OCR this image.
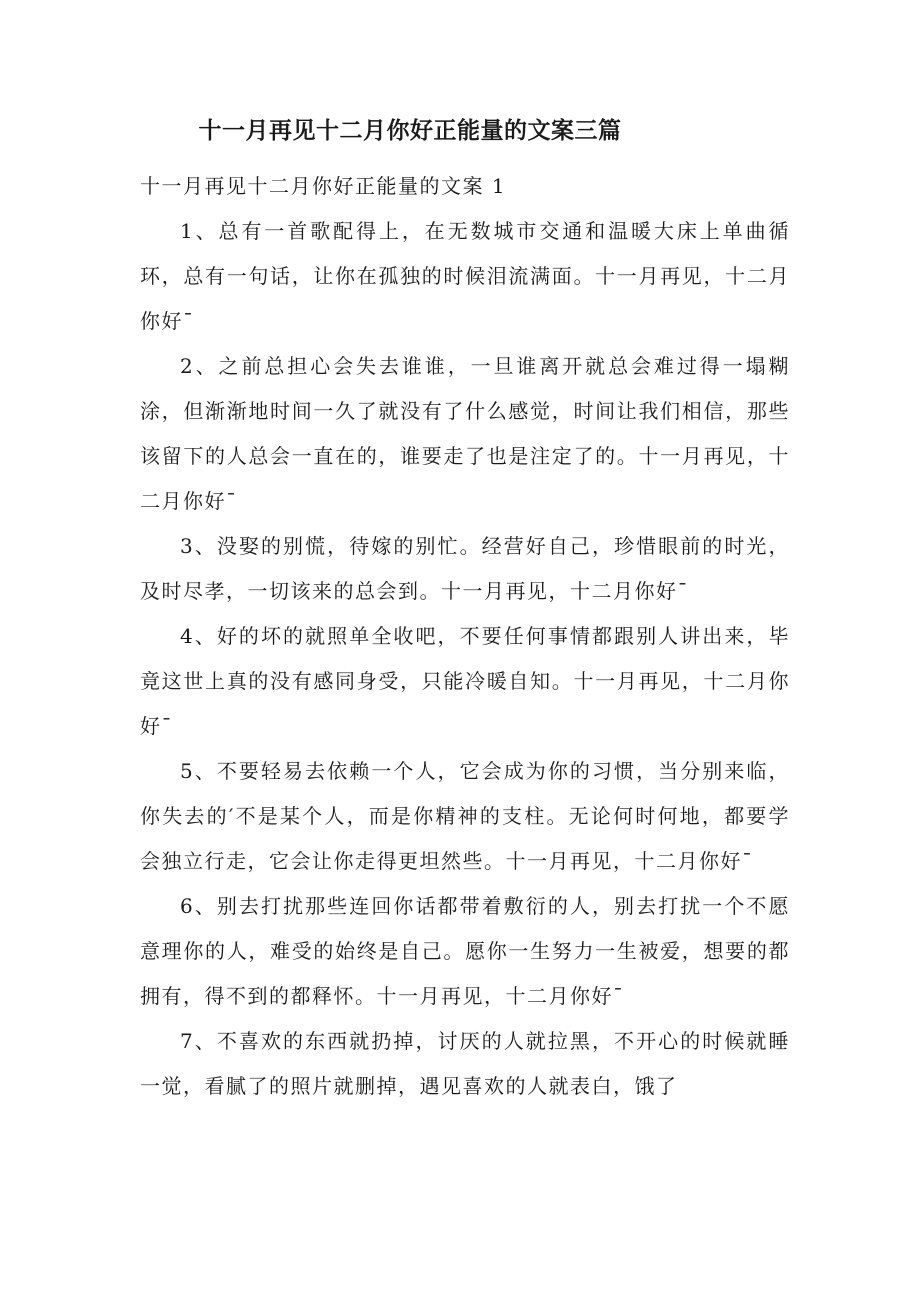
十一月再见十二月你好正能量的文案三篇

十一月再见十二月你好正能量的文案 1

1、总有一首歌配得上，在无数城市交通和温暖大床上单曲循环，总有一句话，让你在孤独的时候泪流满面。十一月再见，十二月你好ˉ

2、之前总担心会失去谁谁，一旦谁离开就总会难过得一塌糊涂，但渐渐地时间一久了就没有了什么感觉，时间让我们相信，那些该留下的人总会一直在的，谁要走了也是注定了的。十一月再见，十二月你好ˉ

3、没娶的别慌，待嫁的别忙。经营好自己，珍惜眼前的时光，及时尽孝，一切该来的总会到。十一月再见，十二月你好ˉ

4、好的坏的就照单全收吧，不要任何事情都跟别人讲出来，毕竟这世上真的没有感同身受，只能冷暖自知。十一月再见，十二月你好ˉ

5、不要轻易去依赖一个人，它会成为你的习惯，当分别来临，你失去的′不是某个人，而是你精神的支柱。无论何时何地，都要学会独立行走，它会让你走得更坦然些。十一月再见，十二月你好ˉ

6、别去打扰那些连回你话都带着敷衍的人，别去打扰一个不愿意理你的人，难受的始终是自己。愿你一生努力一生被爱，想要的都拥有，得不到的都释怀。十一月再见，十二月你好ˉ

7、不喜欢的东西就扔掉，讨厌的人就拉黑，不开心的时候就睡一觉，看腻了的照片就删掉，遇见喜欢的人就表白，饿了
